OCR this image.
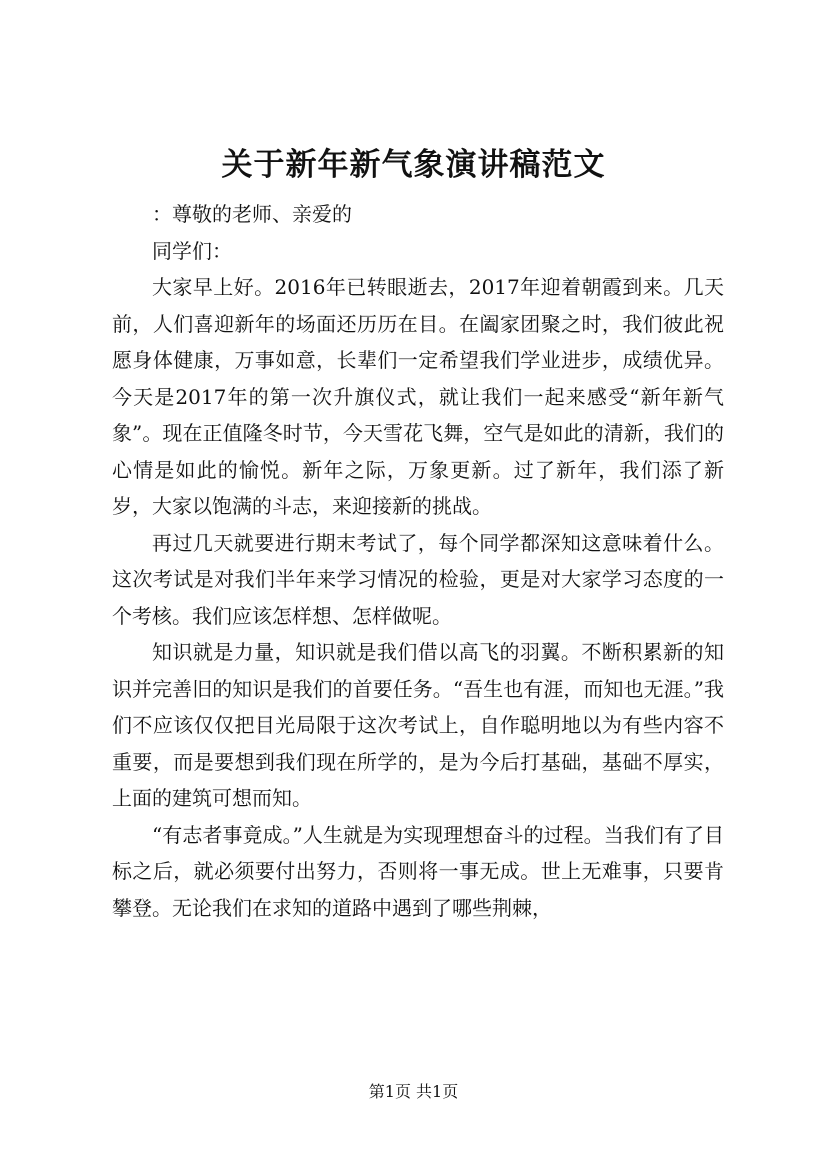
关于新年新气象演讲稿范文

：尊敬的老师、亲爱的

同学们：

大家早上好。2016年已转眼逝去，2017年迎着朝霞到来。几天前，人们喜迎新年的场面还历历在目。在阖家团聚之时，我们彼此祝愿身体健康，万事如意，长辈们一定希望我们学业进步，成绩优异。今天是2017年的第一次升旗仪式，就让我们一起来感受“新年新气象”。现在正值隆冬时节，今天雪花飞舞，空气是如此的清新，我们的心情是如此的愉悦。新年之际，万象更新。过了新年，我们添了新岁，大家以饱满的斗志，来迎接新的挑战。

再过几天就要进行期末考试了，每个同学都深知这意味着什么。这次考试是对我们半年来学习情况的检验，更是对大家学习态度的一个考核。我们应该怎样想、怎样做呢。

知识就是力量，知识就是我们借以高飞的羽翼。不断积累新的知识并完善旧的知识是我们的首要任务。“吾生也有涯，而知也无涯。”我们不应该仅仅把目光局限于这次考试上，自作聪明地以为有些内容不重要，而是要想到我们现在所学的，是为今后打基础，基础不厚实，上面的建筑可想而知。

“有志者事竟成。”人生就是为实现理想奋斗的过程。当我们有了目标之后，就必须要付出努力，否则将一事无成。世上无难事，只要肯攀登。无论我们在求知的道路中遇到了哪些荆棘，

第1页 共1页
